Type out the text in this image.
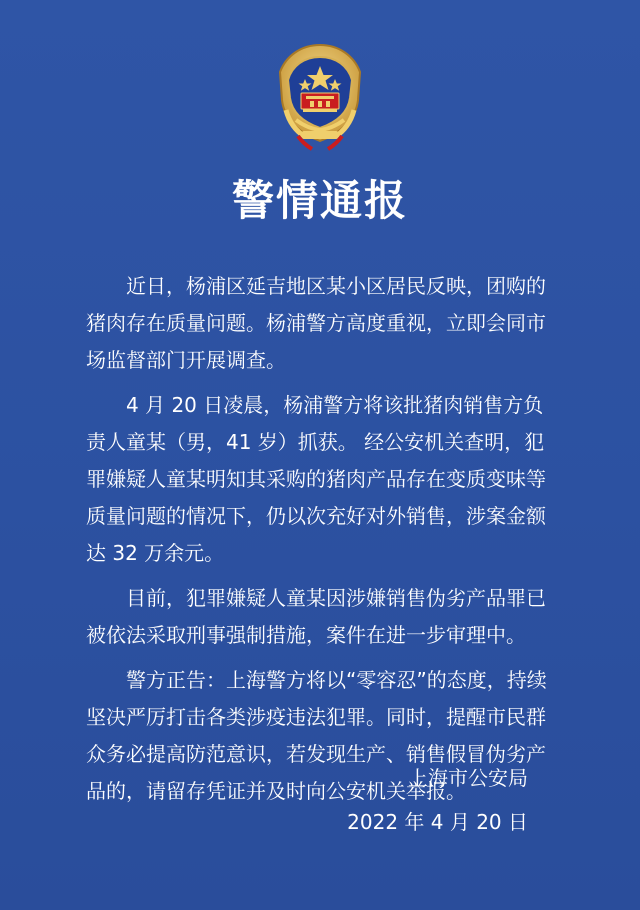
警情通报

近日，杨浦区延吉地区某小区居民反映，团购的猪肉存在质量问题。杨浦警方高度重视，立即会同市场监督部门开展调查。

4 月 20 日凌晨，杨浦警方将该批猪肉销售方负责人童某（男，41 岁）抓获。 经公安机关查明，犯罪嫌疑人童某明知其采购的猪肉产品存在变质变味等质量问题的情况下，仍以次充好对外销售，涉案金额达 32 万余元。

目前，犯罪嫌疑人童某因涉嫌销售伪劣产品罪已被依法采取刑事强制措施，案件在进一步审理中。

警方正告：上海警方将以“零容忍”的态度，持续坚决严厉打击各类涉疫违法犯罪。同时，提醒市民群众务必提高防范意识，若发现生产、销售假冒伪劣产品的，请留存凭证并及时向公安机关举报。

上海市公安局
2022 年 4 月 20 日
